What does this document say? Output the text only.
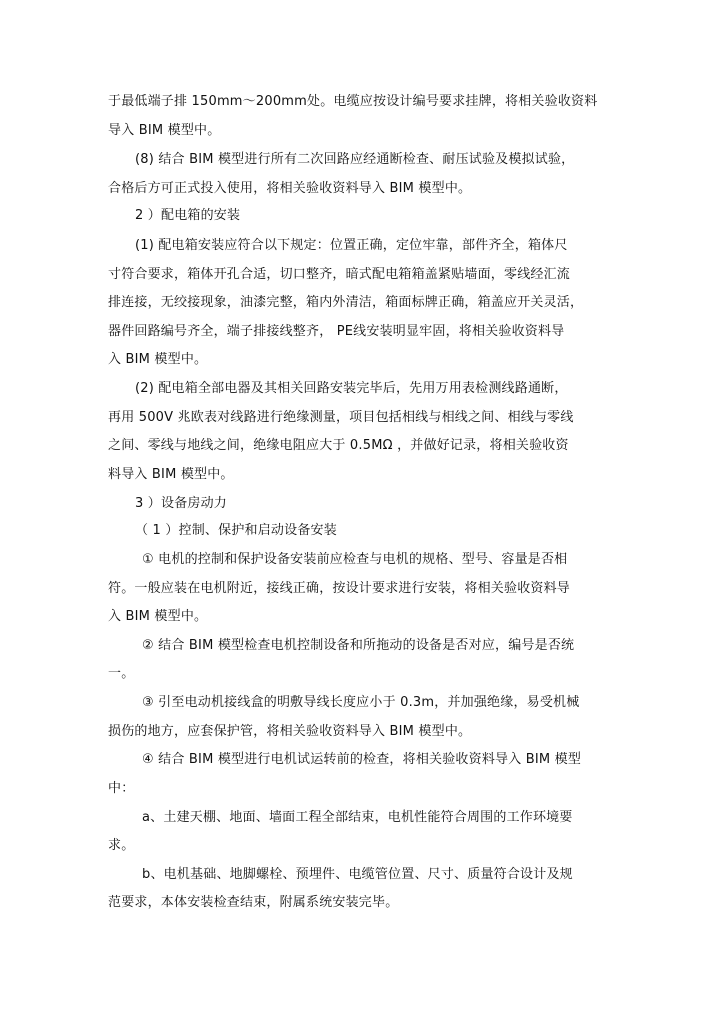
于最低端子排 150mm～200mm处。电缆应按设计编号要求挂牌，将相关验收资料
导入 BIM 模型中。
(8) 结合 BIM 模型进行所有二次回路应经通断检查、耐压试验及模拟试验，
合格后方可正式投入使用，将相关验收资料导入 BIM 模型中。
2 ）配电箱的安装
(1) 配电箱安装应符合以下规定：位置正确，定位牢靠，部件齐全，箱体尺
寸符合要求，箱体开孔合适，切口整齐，暗式配电箱箱盖紧贴墙面，零线经汇流
排连接，无绞接现象，油漆完整，箱内外清洁，箱面标牌正确，箱盖应开关灵活，
器件回路编号齐全，端子排接线整齐， PE线安装明显牢固，将相关验收资料导
入 BIM 模型中。
(2) 配电箱全部电器及其相关回路安装完毕后，先用万用表检测线路通断，
再用 500V 兆欧表对线路进行绝缘测量，项目包括相线与相线之间、相线与零线
之间、零线与地线之间，绝缘电阻应大于 0.5MΩ ，并做好记录，将相关验收资
料导入 BIM 模型中。
3 ）设备房动力
（ 1 ）控制、保护和启动设备安装
① 电机的控制和保护设备安装前应检查与电机的规格、型号、容量是否相
符。一般应装在电机附近，接线正确，按设计要求进行安装，将相关验收资料导
入 BIM 模型中。
② 结合 BIM 模型检查电机控制设备和所拖动的设备是否对应，编号是否统
一。
③ 引至电动机接线盒的明敷导线长度应小于 0.3m，并加强绝缘，易受机械
损伤的地方，应套保护管，将相关验收资料导入 BIM 模型中。
④ 结合 BIM 模型进行电机试运转前的检查，将相关验收资料导入 BIM 模型
中：
a、土建天棚、地面、墙面工程全部结束，电机性能符合周围的工作环境要
求。
b、电机基础、地脚螺栓、预埋件、电缆管位置、尺寸、质量符合设计及规
范要求，本体安装检查结束，附属系统安装完毕。
